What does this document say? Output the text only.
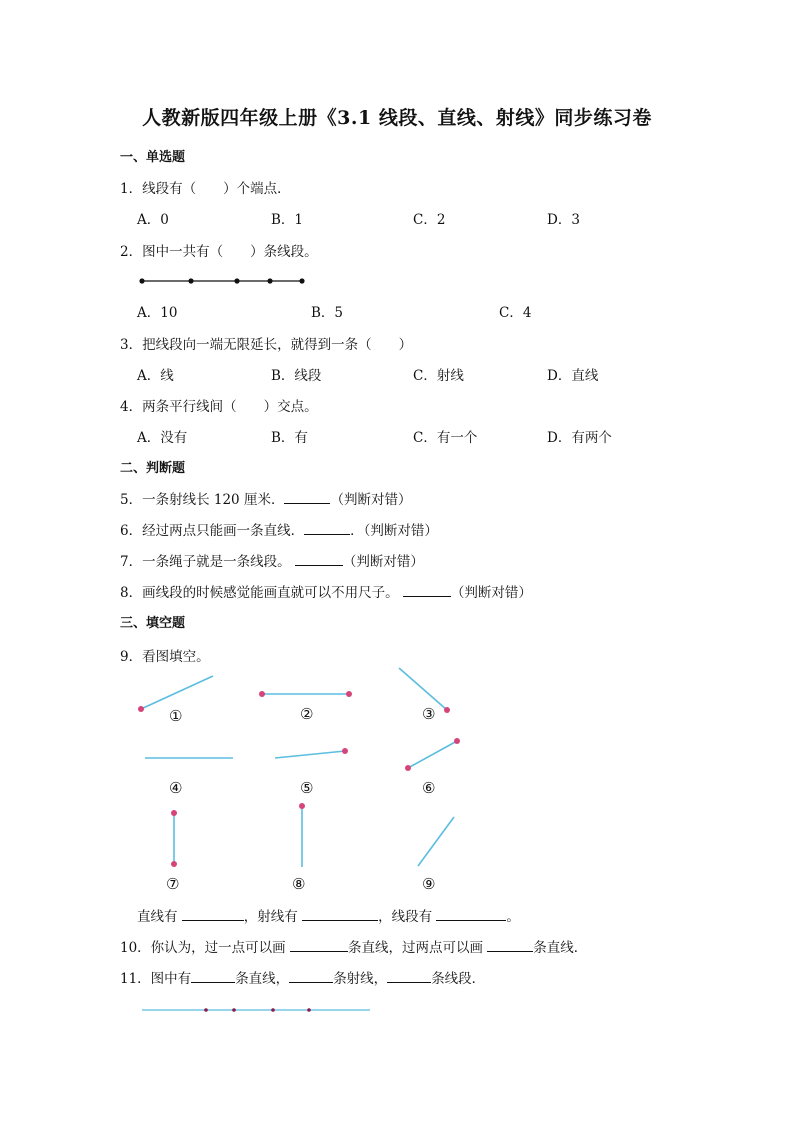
人教新版四年级上册《3.1 线段、直线、射线》同步练习卷
一、单选题
1．线段有（　　）个端点．
A．0	B．1	C．2	D．3
2．图中一共有（　　）条线段。
A．10	B．5	C．4
3．把线段向一端无限延长，就得到一条（　　）
A．线	B．线段	C．射线	D．直线
4．两条平行线间（　　）交点。
A．没有	B．有	C．有一个	D．有两个
二、判断题
5．一条射线长 120 厘米．	（判断对错）
6．经过两点只能画一条直线．	．（判断对错）
7．一条绳子就是一条线段。	（判断对错）
8．画线段的时候感觉能画直就可以不用尺子。	（判断对错）
三、填空题
9．看图填空。
①	②	③
④	⑤	⑥
⑦	⑧	⑨
直线有	，射线有	，线段有	。
10．你认为，过一点可以画	条直线，过两点可以画	条直线．
11．图中有	条直线，	条射线，	条线段．
